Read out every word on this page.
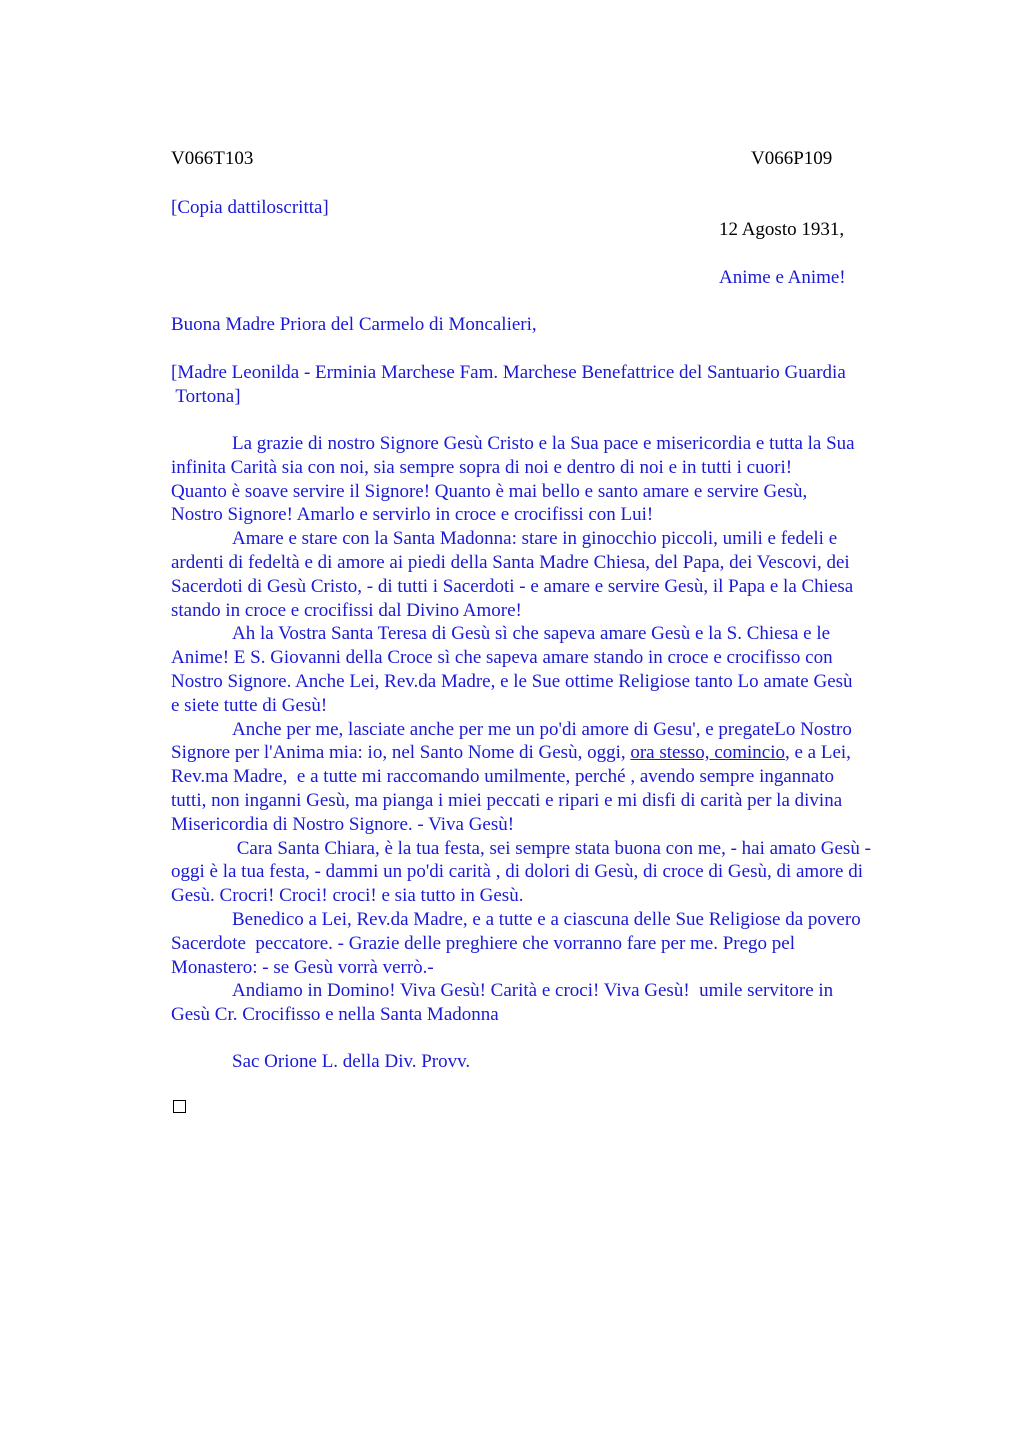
V066T103	V066P109
[Copia dattiloscritta]
12 Agosto 1931,
Anime e Anime!
Buona Madre Priora del Carmelo di Moncalieri,
[Madre Leonilda - Erminia Marchese Fam. Marchese Benefattrice del Santuario Guardia
Tortona]

La grazie di nostro Signore Gesù Cristo e la Sua pace e misericordia e tutta la Sua

infinita Carità sia con noi, sia sempre sopra di noi e dentro di noi e in tutti i cuori!
Quanto è soave servire il Signore! Quanto è mai bello e santo amare e servire Gesù,
Nostro Signore! Amarlo e servirlo in croce e crocifissi con Lui!

Amare e stare con la Santa Madonna: stare in ginocchio piccoli, umili e fedeli e

ardenti di fedeltà e di amore ai piedi della Santa Madre Chiesa, del Papa, dei Vescovi, dei
Sacerdoti di Gesù Cristo, - di tutti i Sacerdoti - e amare e servire Gesù, il Papa e la Chiesa
stando in croce e crocifissi dal Divino Amore!

Ah la Vostra Santa Teresa di Gesù sì che sapeva amare Gesù e la S. Chiesa e le

Anime! E S. Giovanni della Croce sì che sapeva amare stando in croce e crocifisso con
Nostro Signore. Anche Lei, Rev.da Madre, e le Sue ottime Religiose tanto Lo amate Gesù
e siete tutte di Gesù!

Anche per me, lasciate anche per me un po'di amore di Gesu', e pregateLo Nostro

Signore per l'Anima mia: io, nel Santo Nome di Gesù, oggi, ora stesso, comincio, e a Lei,
Rev.ma Madre,  e a tutte mi raccomando umilmente, perché , avendo sempre ingannato
tutti, non inganni Gesù, ma pianga i miei peccati e ripari e mi disfi di carità per la divina
Misericordia di Nostro Signore. - Viva Gesù!

Cara Santa Chiara, è la tua festa, sei sempre stata buona con me, - hai amato Gesù -

oggi è la tua festa, - dammi un po'di carità , di dolori di Gesù, di croce di Gesù, di amore di
Gesù. Crocri! Croci! croci! e sia tutto in Gesù.

Benedico a Lei, Rev.da Madre, e a tutte e a ciascuna delle Sue Religiose da povero

Sacerdote  peccatore. - Grazie delle preghiere che vorranno fare per me. Prego pel
Monastero: - se Gesù vorrà verrò.-

Andiamo in Domino! Viva Gesù! Carità e croci! Viva Gesù!  umile servitore in

Gesù Cr. Crocifisso e nella Santa Madonna
Sac Orione L. della Div. Provv.
